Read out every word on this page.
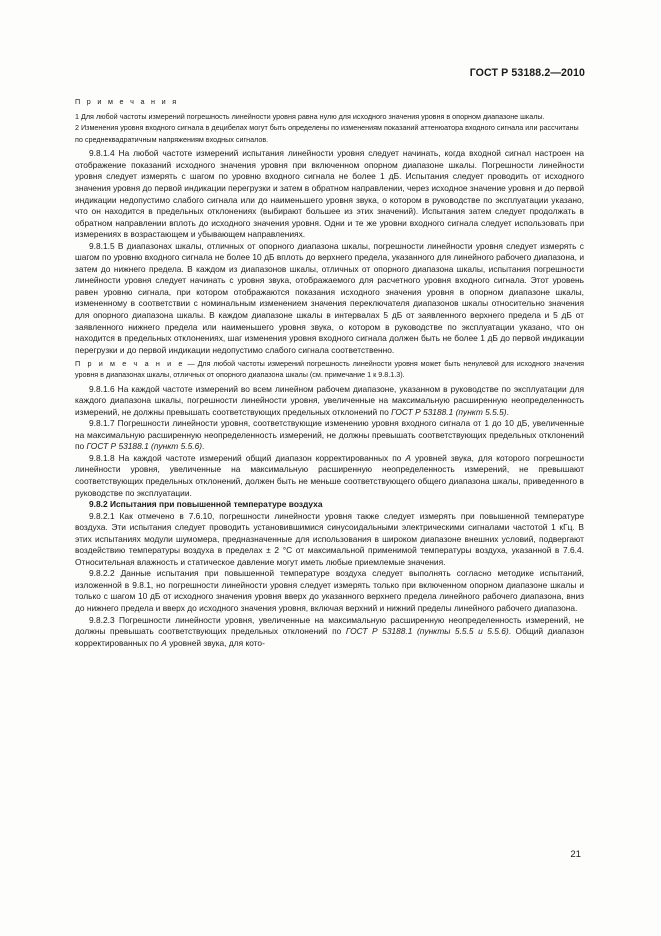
ГОСТ Р 53188.2—2010

П р и м е ч а н и я

1 Для любой частоты измерений погрешность линейности уровня равна нулю для исходного значения уровня в опорном диапазоне шкалы.

2 Изменения уровня входного сигнала в децибелах могут быть определены по изменениям показаний аттенюатора входного сигнала или рассчитаны по среднеквадратичным напряжениям входных сигналов.

9.8.1.4 На любой частоте измерений испытания линейности уровня следует начинать, когда входной сигнал настроен на отображение показаний исходного значения уровня при включенном опорном диапазоне шкалы. Погрешности линейности уровня следует измерять с шагом по уровню входного сигнала не более 1 дБ. Испытания следует проводить от исходного значения уровня до первой индикации перегрузки и затем в обратном направлении, через исходное значение уровня и до первой индикации недопустимо слабого сигнала или до наименьшего уровня звука, о котором в руководстве по эксплуатации указано, что он находится в предельных отклонениях (выбирают большее из этих значений). Испытания затем следует продолжать в обратном направлении вплоть до исходного значения уровня. Одни и те же уровни входного сигнала следует использовать при измерениях в возрастающем и убывающем направлениях.

9.8.1.5 В диапазонах шкалы, отличных от опорного диапазона шкалы, погрешности линейности уровня следует измерять с шагом по уровню входного сигнала не более 10 дБ вплоть до верхнего предела, указанного для линейного рабочего диапазона, и затем до нижнего предела. В каждом из диапазонов шкалы, отличных от опорного диапазона шкалы, испытания погрешности линейности уровня следует начинать с уровня звука, отображаемого для расчетного уровня входного сигнала. Этот уровень равен уровню сигнала, при котором отображаются показания исходного значения уровня в опорном диапазоне шкалы, измененному в соответствии с номинальным изменением значения переключателя диапазонов шкалы относительно значения для опорного диапазона шкалы. В каждом диапазоне шкалы в интервалах 5 дБ от заявленного верхнего предела и 5 дБ от заявленного нижнего предела или наименьшего уровня звука, о котором в руководстве по эксплуатации указано, что он находится в предельных отклонениях, шаг изменения уровня входного сигнала должен быть не более 1 дБ до первой индикации перегрузки и до первой индикации недопустимо слабого сигнала соответственно.

П р и м е ч а н и е — Для любой частоты измерений погрешность линейности уровня может быть ненулевой для исходного значения уровня в диапазонах шкалы, отличных от опорного диапазона шкалы (см. примечание 1 к 9.8.1.3).

9.8.1.6 На каждой частоте измерений во всем линейном рабочем диапазоне, указанном в руководстве по эксплуатации для каждого диапазона шкалы, погрешности линейности уровня, увеличенные на максимальную расширенную неопределенность измерений, не должны превышать соответствующих предельных отклонений по ГОСТ Р 53188.1 (пункт 5.5.5).

9.8.1.7 Погрешности линейности уровня, соответствующие изменению уровня входного сигнала от 1 до 10 дБ, увеличенные на максимальную расширенную неопределенность измерений, не должны превышать соответствующих предельных отклонений по ГОСТ Р 53188.1 (пункт 5.5.6).

9.8.1.8 На каждой частоте измерений общий диапазон корректированных по А уровней звука, для которого погрешности линейности уровня, увеличенные на максимальную расширенную неопределенность измерений, не превышают соответствующих предельных отклонений, должен быть не меньше соответствующего общего диапазона шкалы, приведенного в руководстве по эксплуатации.

9.8.2 Испытания при повышенной температуре воздуха

9.8.2.1 Как отмечено в 7.6.10, погрешности линейности уровня также следует измерять при повышенной температуре воздуха. Эти испытания следует проводить установившимися синусоидальными электрическими сигналами частотой 1 кГц. В этих испытаниях модули шумомера, предназначенные для использования в широком диапазоне внешних условий, подвергают воздействию температуры воздуха в пределах ± 2 °С от максимальной применимой температуры воздуха, указанной в 7.6.4. Относительная влажность и статическое давление могут иметь любые приемлемые значения.

9.8.2.2 Данные испытания при повышенной температуре воздуха следует выполнять согласно методике испытаний, изложенной в 9.8.1, но погрешности линейности уровня следует измерять только при включенном опорном диапазоне шкалы и только с шагом 10 дБ от исходного значения уровня вверх до указанного верхнего предела линейного рабочего диапазона, вниз до нижнего предела и вверх до исходного значения уровня, включая верхний и нижний пределы линейного рабочего диапазона.

9.8.2.3 Погрешности линейности уровня, увеличенные на максимальную расширенную неопределенность измерений, не должны превышать соответствующих предельных отклонений по ГОСТ Р 53188.1 (пункты 5.5.5 и 5.5.6). Общий диапазон корректированных по А уровней звука, для кото-

21
